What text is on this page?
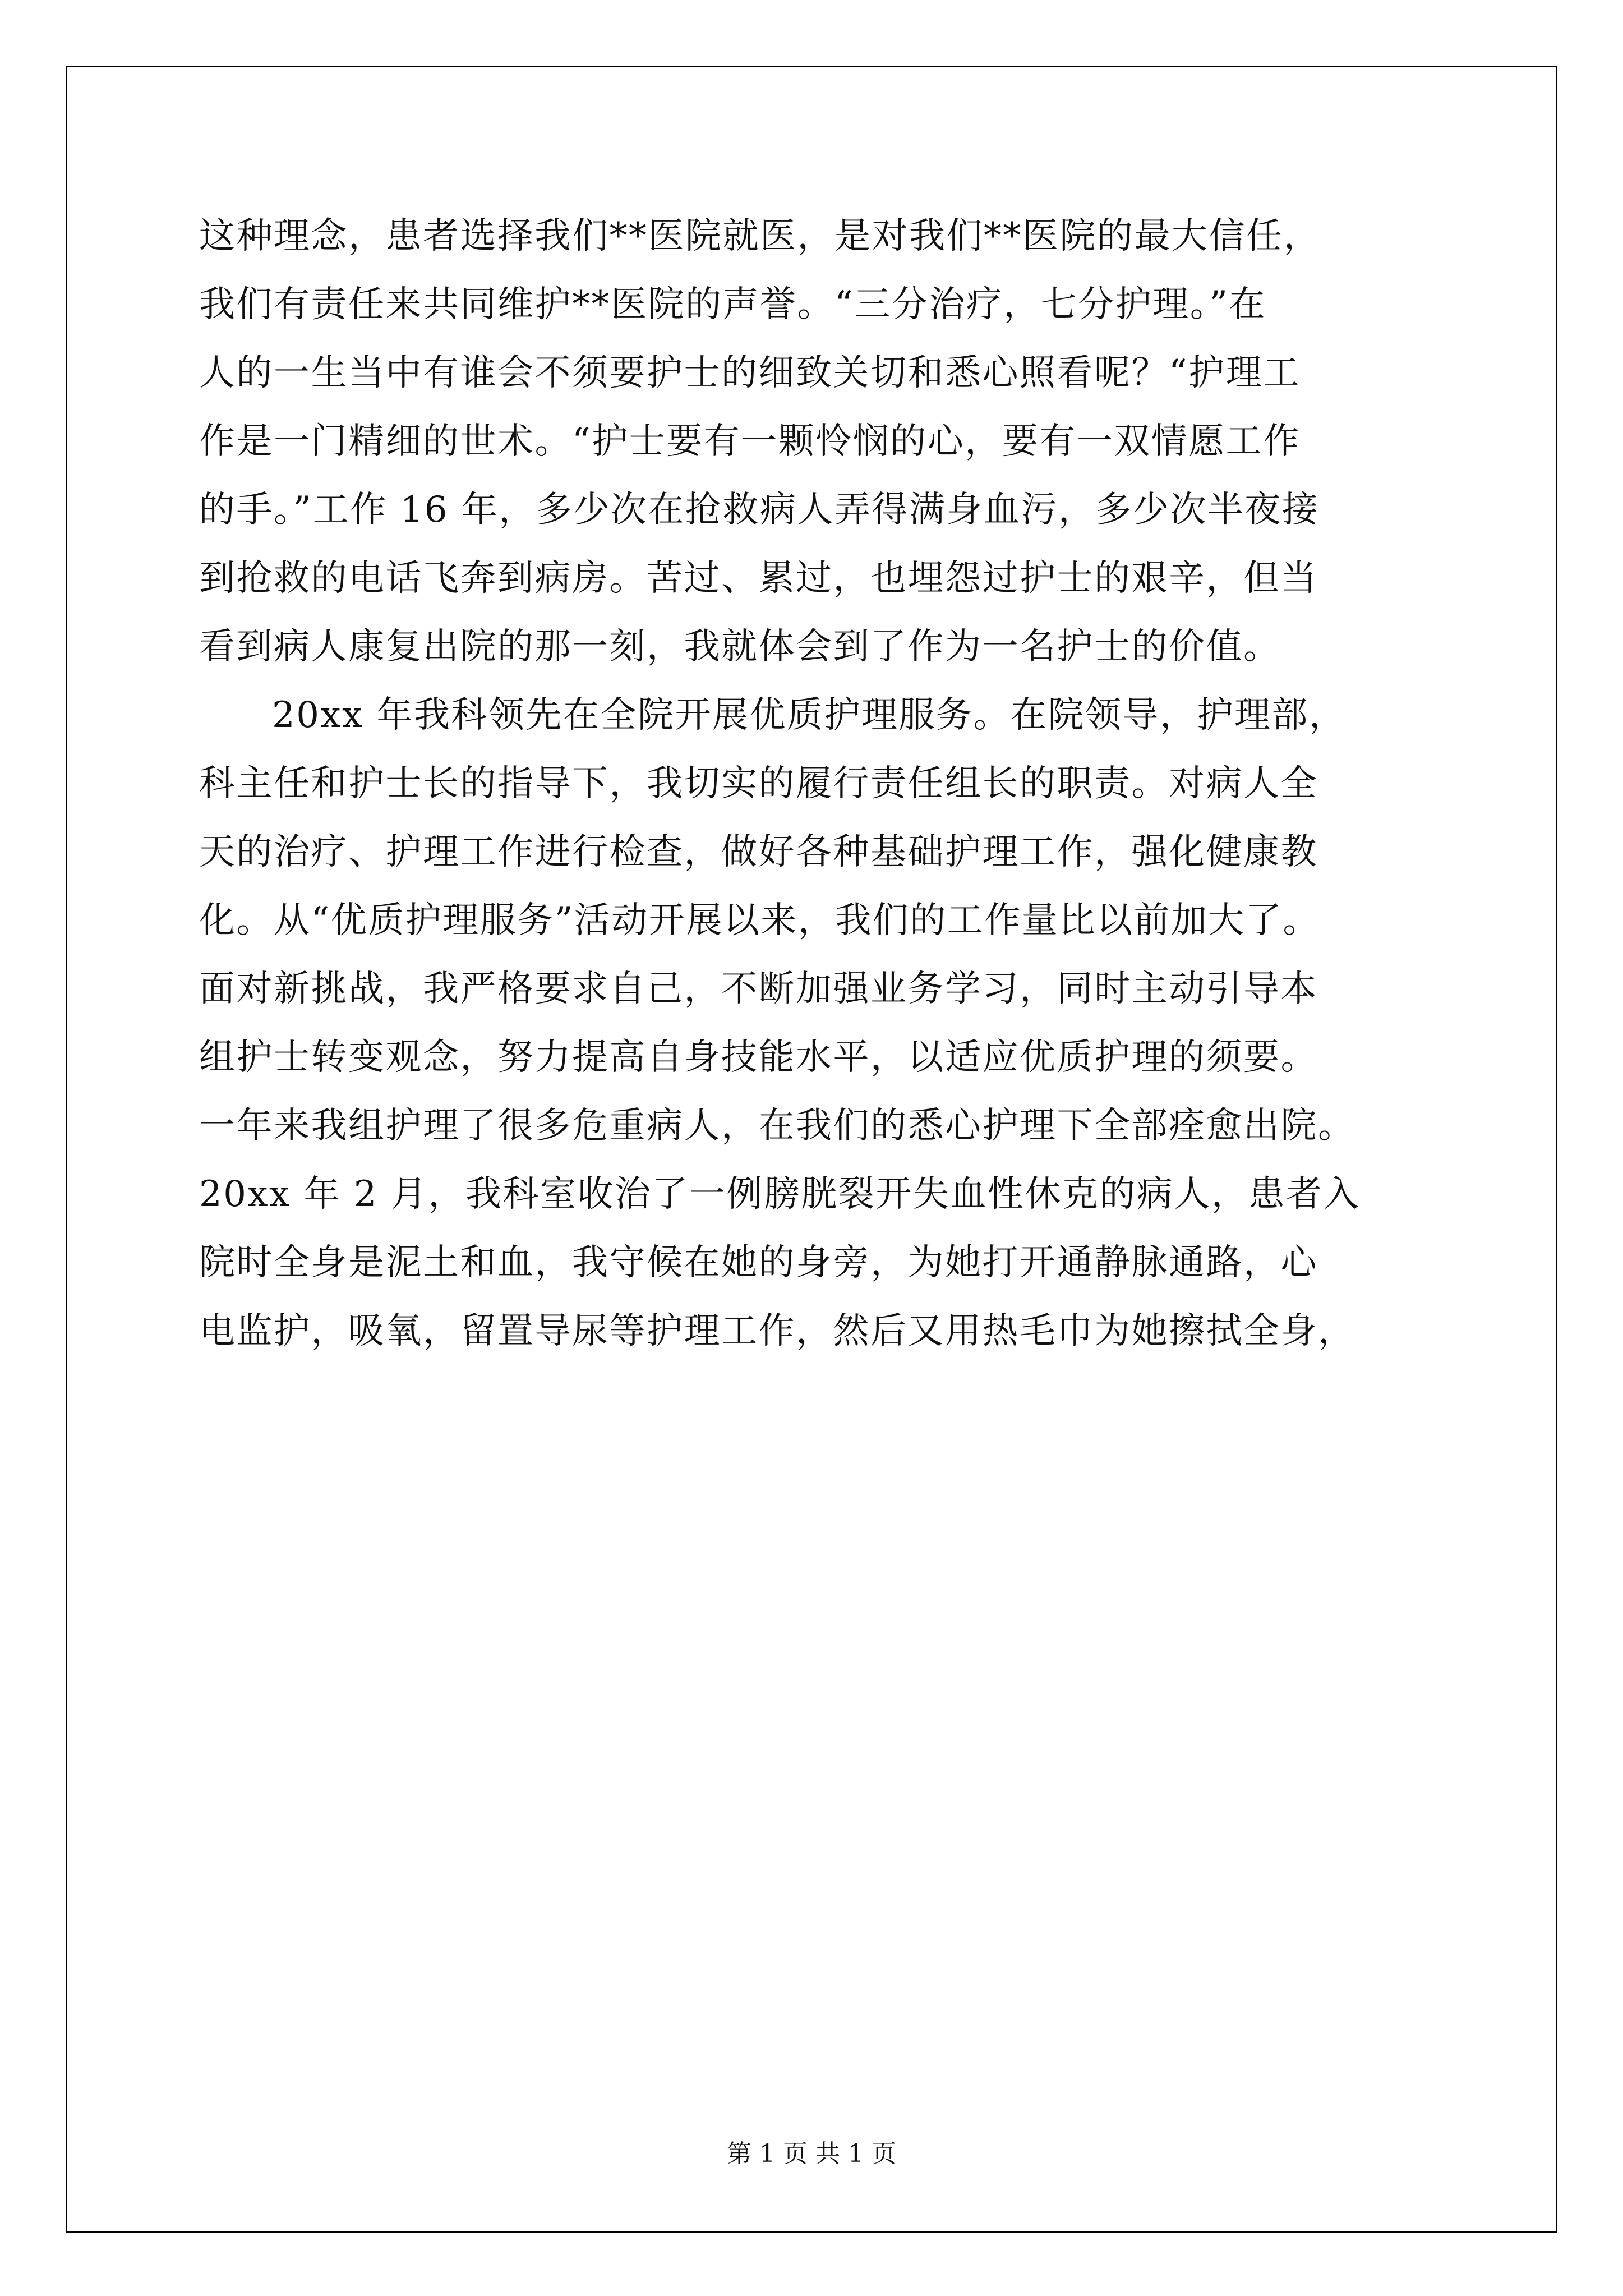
这种理念，患者选择我们**医院就医，是对我们**医院的最大信任，
我们有责任来共同维护**医院的声誉。“三分治疗，七分护理。”在
人的一生当中有谁会不须要护士的细致关切和悉心照看呢？“护理工
作是一门精细的世术。“护士要有一颗怜悯的心，要有一双情愿工作
的手。”工作 16 年，多少次在抢救病人弄得满身血污，多少次半夜接
到抢救的电话飞奔到病房。苦过、累过，也埋怨过护士的艰辛，但当
看到病人康复出院的那一刻，我就体会到了作为一名护士的价值。
20xx 年我科领先在全院开展优质护理服务。在院领导，护理部，
科主任和护士长的指导下，我切实的履行责任组长的职责。对病人全
天的治疗、护理工作进行检查，做好各种基础护理工作，强化健康教
化。从“优质护理服务”活动开展以来，我们的工作量比以前加大了。
面对新挑战，我严格要求自己，不断加强业务学习，同时主动引导本
组护士转变观念，努力提高自身技能水平，以适应优质护理的须要。
一年来我组护理了很多危重病人，在我们的悉心护理下全部痊愈出院。
20xx 年 2 月，我科室收治了一例膀胱裂开失血性休克的病人，患者入
院时全身是泥土和血，我守候在她的身旁，为她打开通静脉通路，心
电监护，吸氧，留置导尿等护理工作，然后又用热毛巾为她擦拭全身，
第 1 页 共 1 页
